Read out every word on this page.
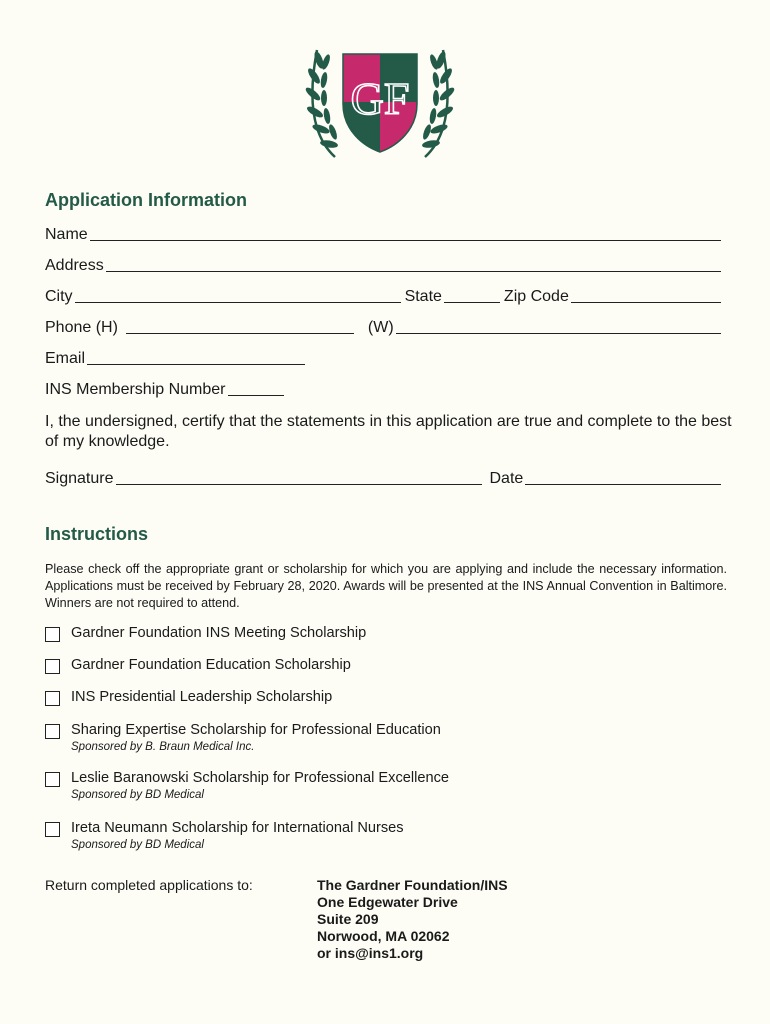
GF
Application Information
Name
Address
City	State	Zip Code
Phone (H)	(W)
Email
INS Membership Number
I, the undersigned, certify that the statements in this application are true and complete to the best of my knowledge.
Signature	Date
Instructions
Please check off the appropriate grant or scholarship for which you are applying and include the necessary information. Applications must be received by February 28, 2020. Awards will be presented at the INS Annual Convention in Baltimore. Winners are not required to attend.
Gardner Foundation INS Meeting Scholarship
Gardner Foundation Education Scholarship
INS Presidential Leadership Scholarship
Sharing Expertise Scholarship for Professional Education
Sponsored by B. Braun Medical Inc.
Leslie Baranowski Scholarship for Professional Excellence
Sponsored by BD Medical
Ireta Neumann Scholarship for International Nurses
Sponsored by BD Medical
Return completed applications to:	The Gardner Foundation/INS
One Edgewater Drive
Suite 209
Norwood, MA 02062
or ins@ins1.org
